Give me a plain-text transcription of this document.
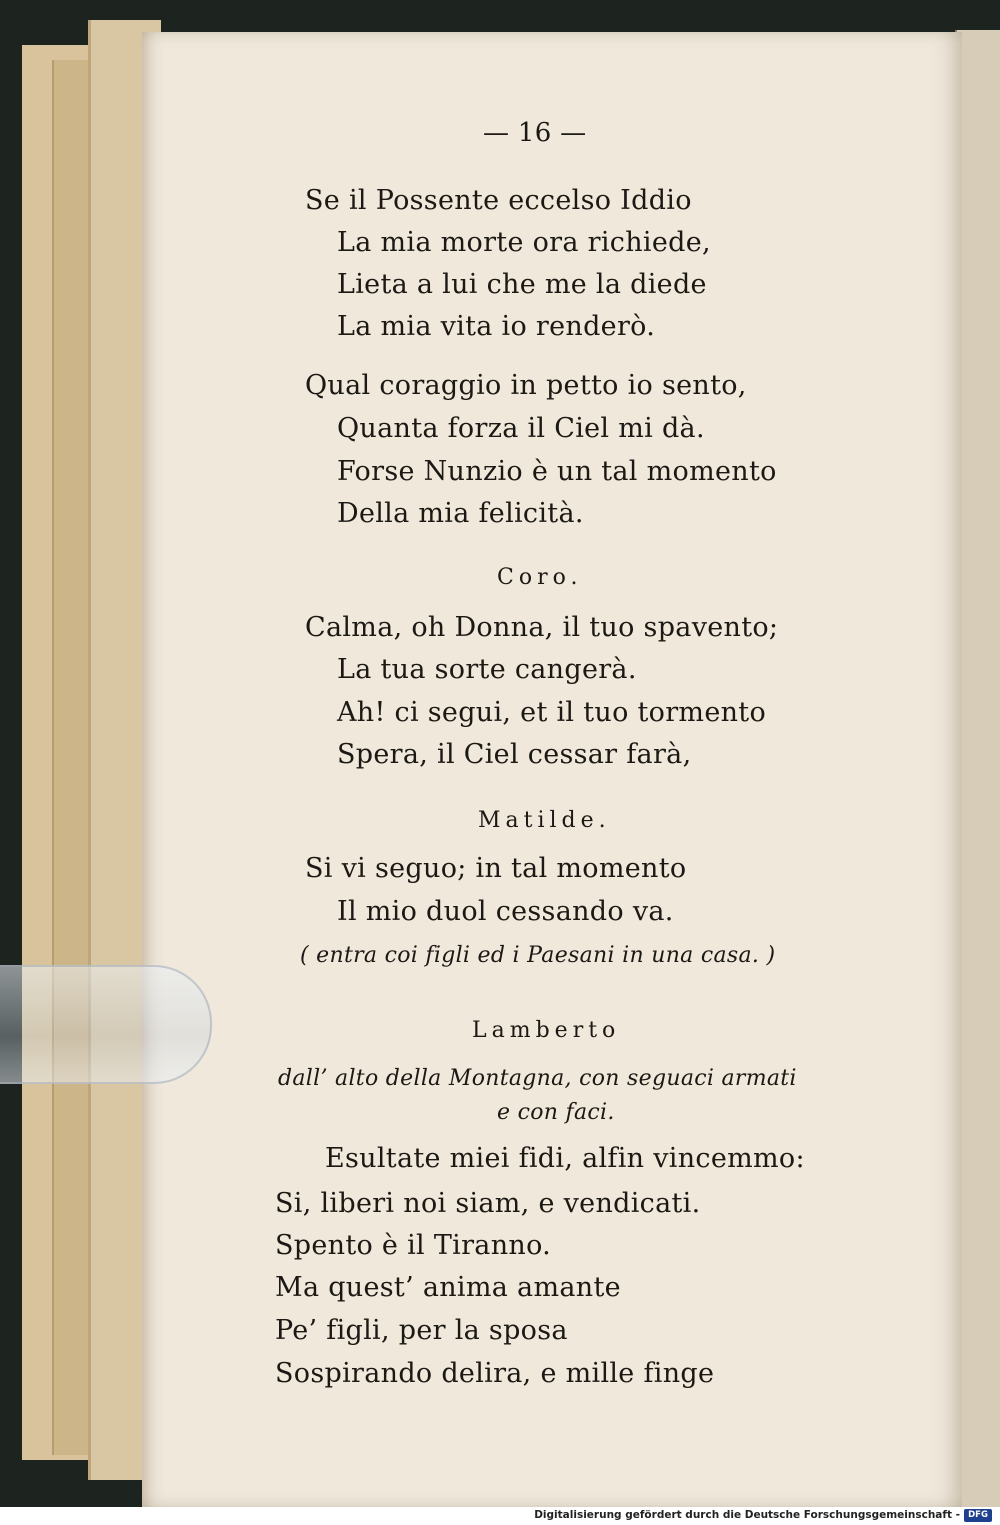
— 16 —
Se il Possente eccelso Iddio
La mia morte ora richiede,
Lieta a lui che me la diede
La mia vita io renderò.
Qual coraggio in petto io sento,
Quanta forza il Ciel mi dà.
Forse Nunzio è un tal momento
Della mia felicità.
Coro.
Calma, oh Donna, il tuo spavento;
La tua sorte cangerà.
Ah! ci segui, et il tuo tormento
Spera, il Ciel cessar farà,
Matilde.
Si vi seguo; in tal momento
Il mio duol cessando va.
( entra coi figli ed i Paesani in una casa. )
Lamberto
dall’ alto della Montagna, con seguaci armati
e con faci.
Esultate miei fidi, alfin vincemmo:
Si, liberi noi siam, e vendicati.
Spento è il Tiranno.
Ma quest’ anima amante
Pe’ figli, per la sposa
Sospirando delira, e mille finge
Digitalisierung gefördert durch die Deutsche Forschungsgemeinschaft - DFG
